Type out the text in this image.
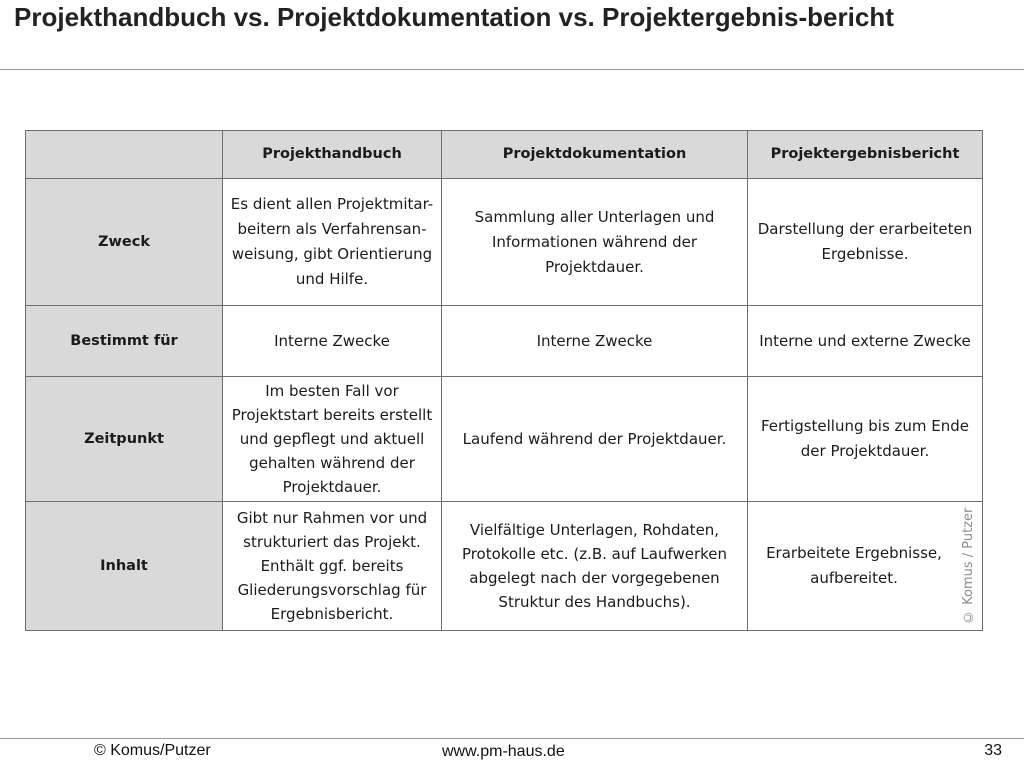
Projekthandbuch vs. Projektdokumentation vs. Projektergebnis-bericht
	Projekthandbuch	Projektdokumentation	Projektergebnisbericht
Zweck	Es dient allen Projektmitar-beitern als Verfahrensan-weisung, gibt Orientierung und Hilfe.	Sammlung aller Unterlagen und Informationen während der Projektdauer.	Darstellung der erarbeiteten Ergebnisse.
Bestimmt für	Interne Zwecke	Interne Zwecke	Interne und externe Zwecke
Zeitpunkt	Im besten Fall vor Projektstart bereits erstellt und gepflegt und aktuell gehalten während der Projektdauer.	Laufend während der Projektdauer.	Fertigstellung bis zum Ende der Projektdauer.
Inhalt	Gibt nur Rahmen vor und strukturiert das Projekt. Enthält ggf. bereits Gliederungsvorschlag für Ergebnisbericht.	Vielfältige Unterlagen, Rohdaten, Protokolle etc. (z.B. auf Laufwerken abgelegt nach der vorgegebenen Struktur des Handbuchs).	Erarbeitete Ergebnisse, aufbereitet. © Komus / Putzer
© Komus/Putzer	www.pm-haus.de	33
